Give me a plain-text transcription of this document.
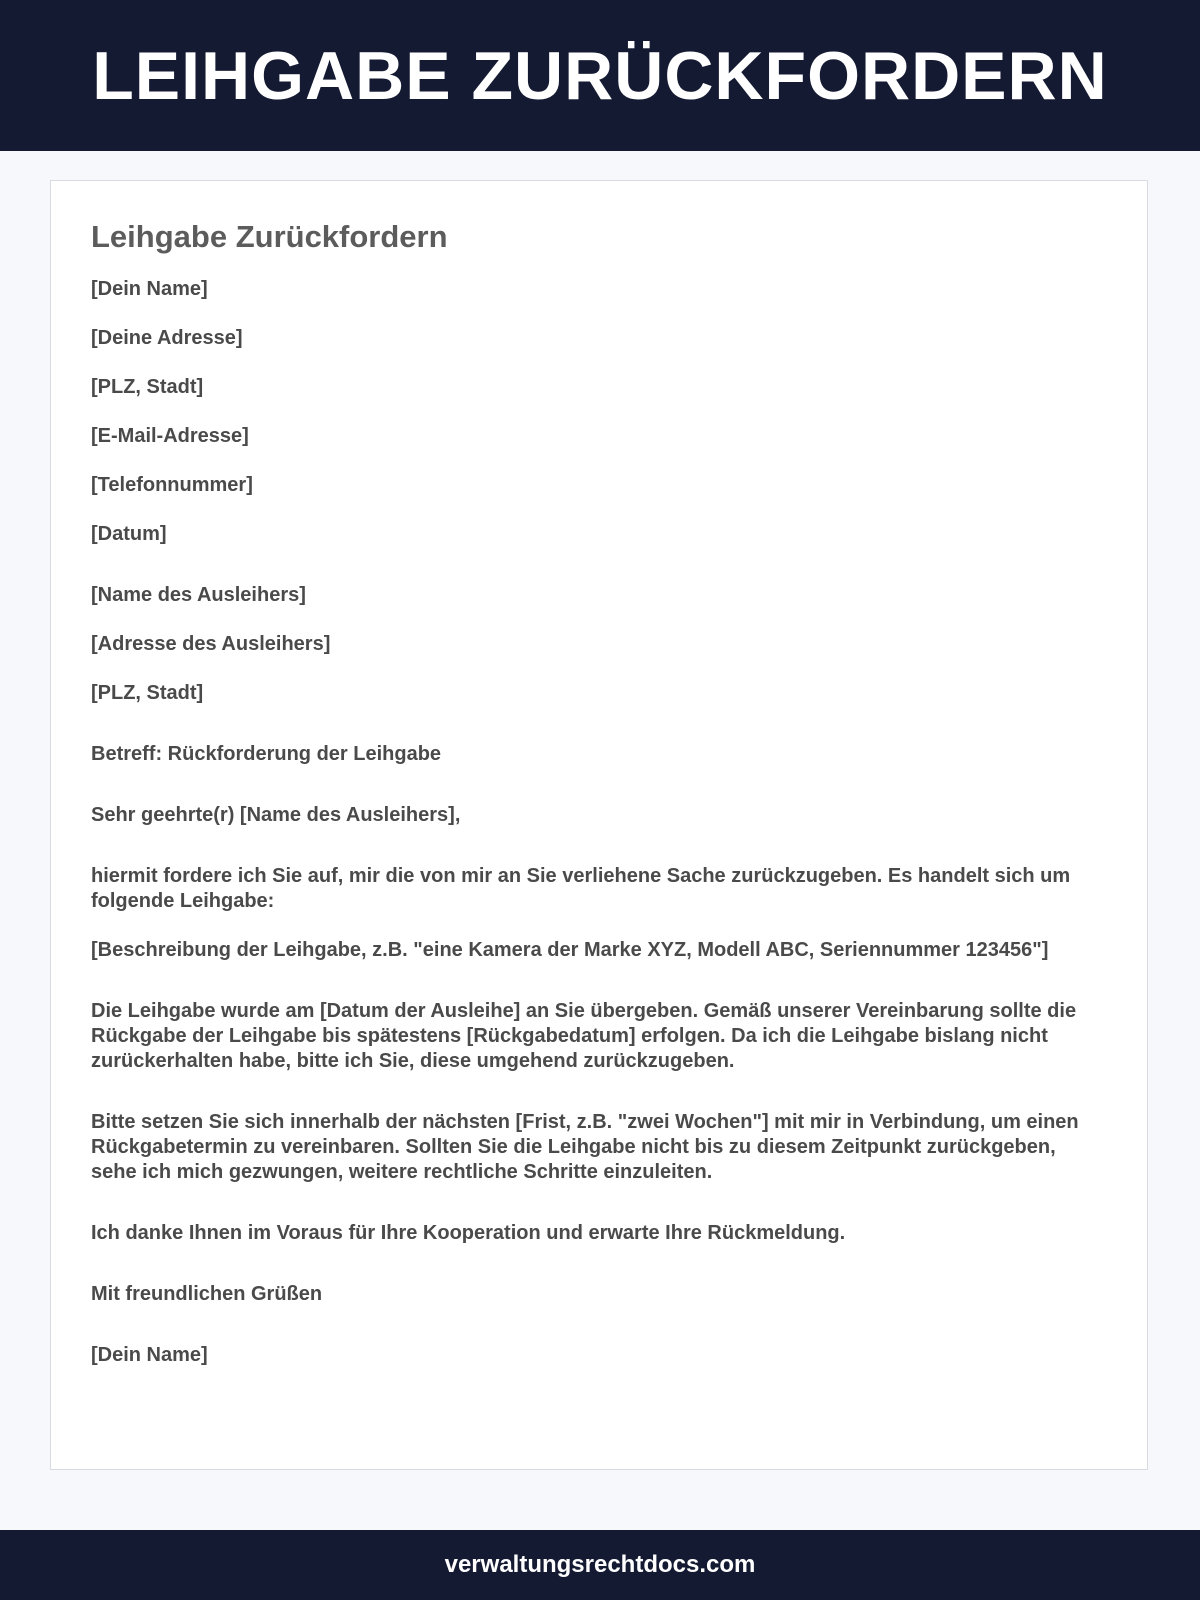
LEIHGABE ZURÜCKFORDERN
Leihgabe Zurückfordern

[Dein Name]

[Deine Adresse]

[PLZ, Stadt]

[E-Mail-Adresse]

[Telefonnummer]

[Datum]

[Name des Ausleihers]

[Adresse des Ausleihers]

[PLZ, Stadt]

Betreff: Rückforderung der Leihgabe

Sehr geehrte(r) [Name des Ausleihers],

hiermit fordere ich Sie auf, mir die von mir an Sie verliehene Sache zurückzugeben. Es handelt sich um folgende Leihgabe:

[Beschreibung der Leihgabe, z.B. "eine Kamera der Marke XYZ, Modell ABC, Seriennummer 123456"]

Die Leihgabe wurde am [Datum der Ausleihe] an Sie übergeben. Gemäß unserer Vereinbarung sollte die Rückgabe der Leihgabe bis spätestens [Rückgabedatum] erfolgen. Da ich die Leihgabe bislang nicht zurückerhalten habe, bitte ich Sie, diese umgehend zurückzugeben.

Bitte setzen Sie sich innerhalb der nächsten [Frist, z.B. "zwei Wochen"] mit mir in Verbindung, um einen Rückgabetermin zu vereinbaren. Sollten Sie die Leihgabe nicht bis zu diesem Zeitpunkt zurückgeben, sehe ich mich gezwungen, weitere rechtliche Schritte einzuleiten.

Ich danke Ihnen im Voraus für Ihre Kooperation und erwarte Ihre Rückmeldung.

Mit freundlichen Grüßen

[Dein Name]

verwaltungsrechtdocs.com
